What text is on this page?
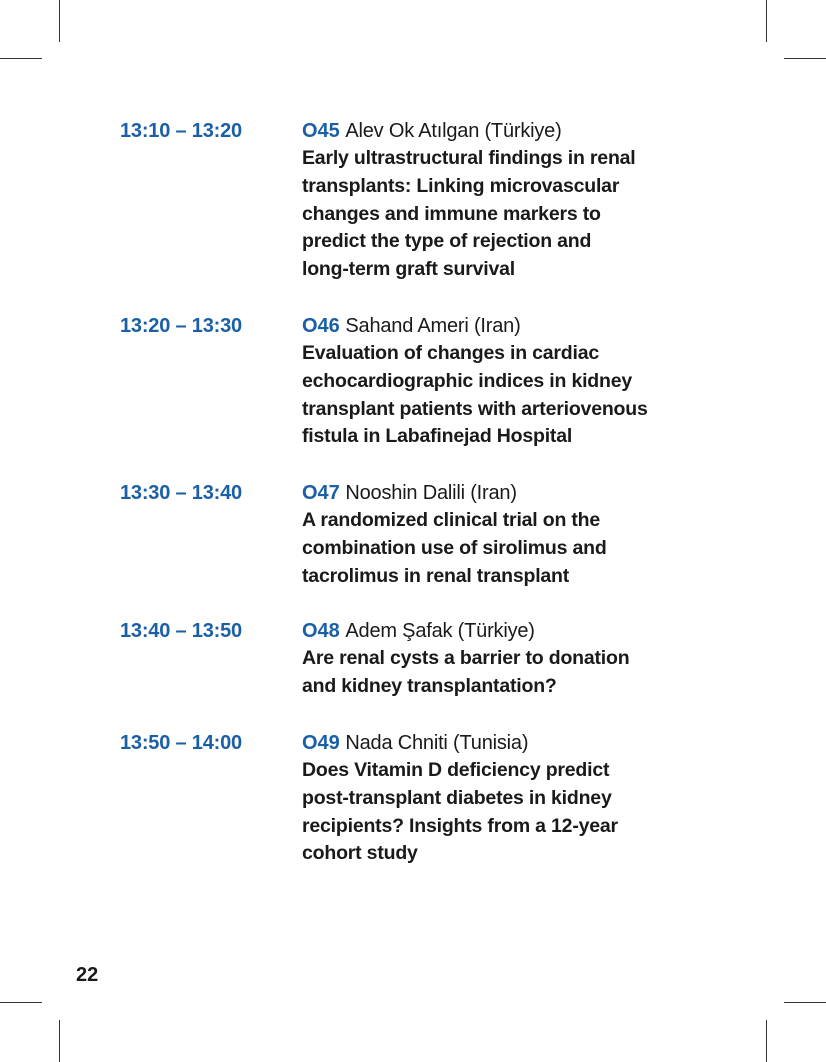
13:10 – 13:20	O45 Alev Ok Atılgan (Türkiye)
Early ultrastructural findings in renal
transplants: Linking microvascular
changes and immune markers to
predict the type of rejection and
long-term graft survival
13:20 – 13:30	O46 Sahand Ameri (Iran)
Evaluation of changes in cardiac
echocardiographic indices in kidney
transplant patients with arteriovenous
fistula in Labafinejad Hospital
13:30 – 13:40	O47 Nooshin Dalili (Iran)
A randomized clinical trial on the
combination use of sirolimus and
tacrolimus in renal transplant
13:40 – 13:50	O48 Adem Şafak (Türkiye)
Are renal cysts a barrier to donation
and kidney transplantation?
13:50 – 14:00	O49 Nada Chniti (Tunisia)
Does Vitamin D deficiency predict
post-transplant diabetes in kidney
recipients? Insights from a 12-year
cohort study
22
